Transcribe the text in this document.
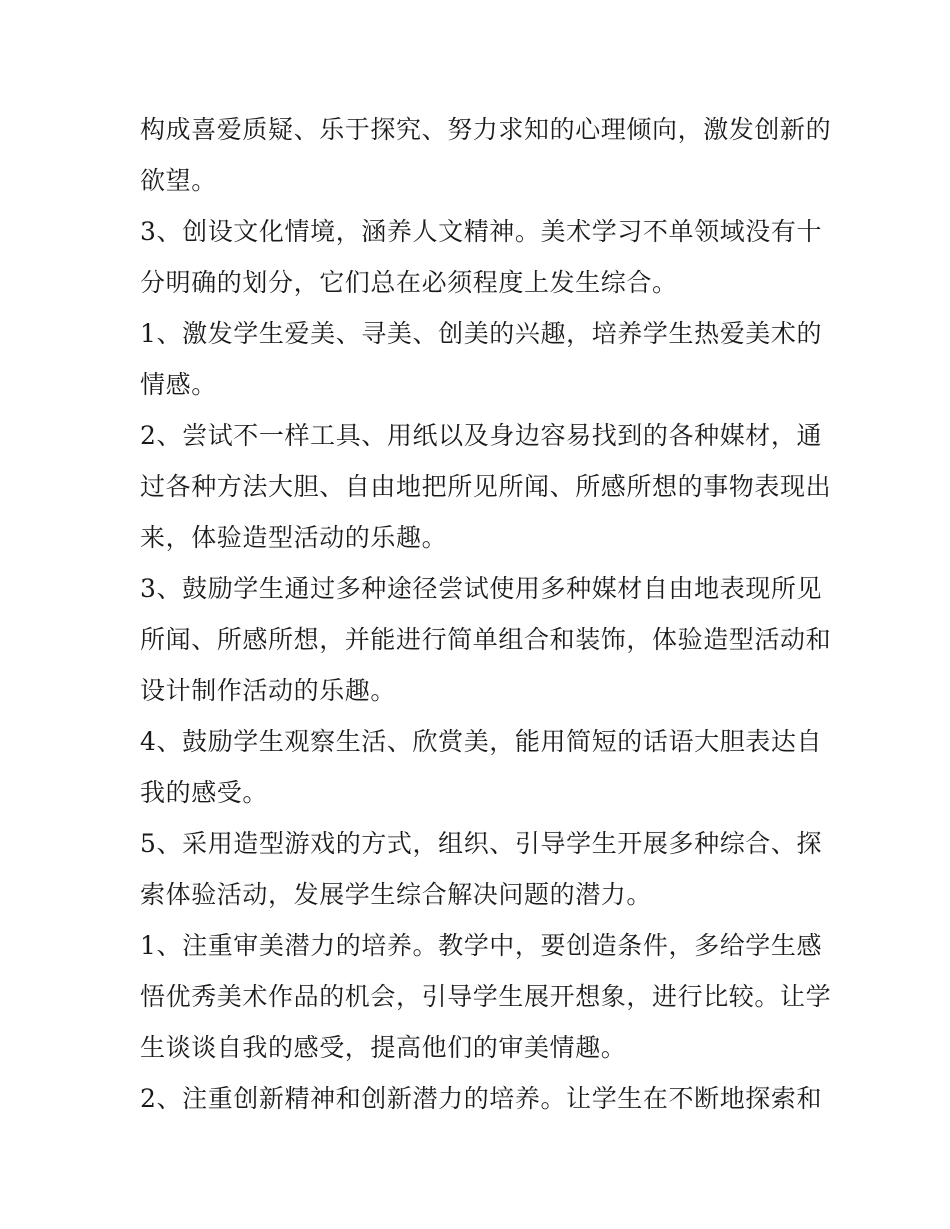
构成喜爱质疑、乐于探究、努力求知的心理倾向，激发创新的
欲望。
3、创设文化情境，涵养人文精神。美术学习不单领域没有十
分明确的划分，它们总在必须程度上发生综合。
1、激发学生爱美、寻美、创美的兴趣，培养学生热爱美术的
情感。
2、尝试不一样工具、用纸以及身边容易找到的各种媒材，通
过各种方法大胆、自由地把所见所闻、所感所想的事物表现出
来，体验造型活动的乐趣。
3、鼓励学生通过多种途径尝试使用多种媒材自由地表现所见
所闻、所感所想，并能进行简单组合和装饰，体验造型活动和
设计制作活动的乐趣。
4、鼓励学生观察生活、欣赏美，能用简短的话语大胆表达自
我的感受。
5、采用造型游戏的方式，组织、引导学生开展多种综合、探
索体验活动，发展学生综合解决问题的潜力。
1、注重审美潜力的培养。教学中，要创造条件，多给学生感
悟优秀美术作品的机会，引导学生展开想象，进行比较。让学
生谈谈自我的感受，提高他们的审美情趣。
2、注重创新精神和创新潜力的培养。让学生在不断地探索和
